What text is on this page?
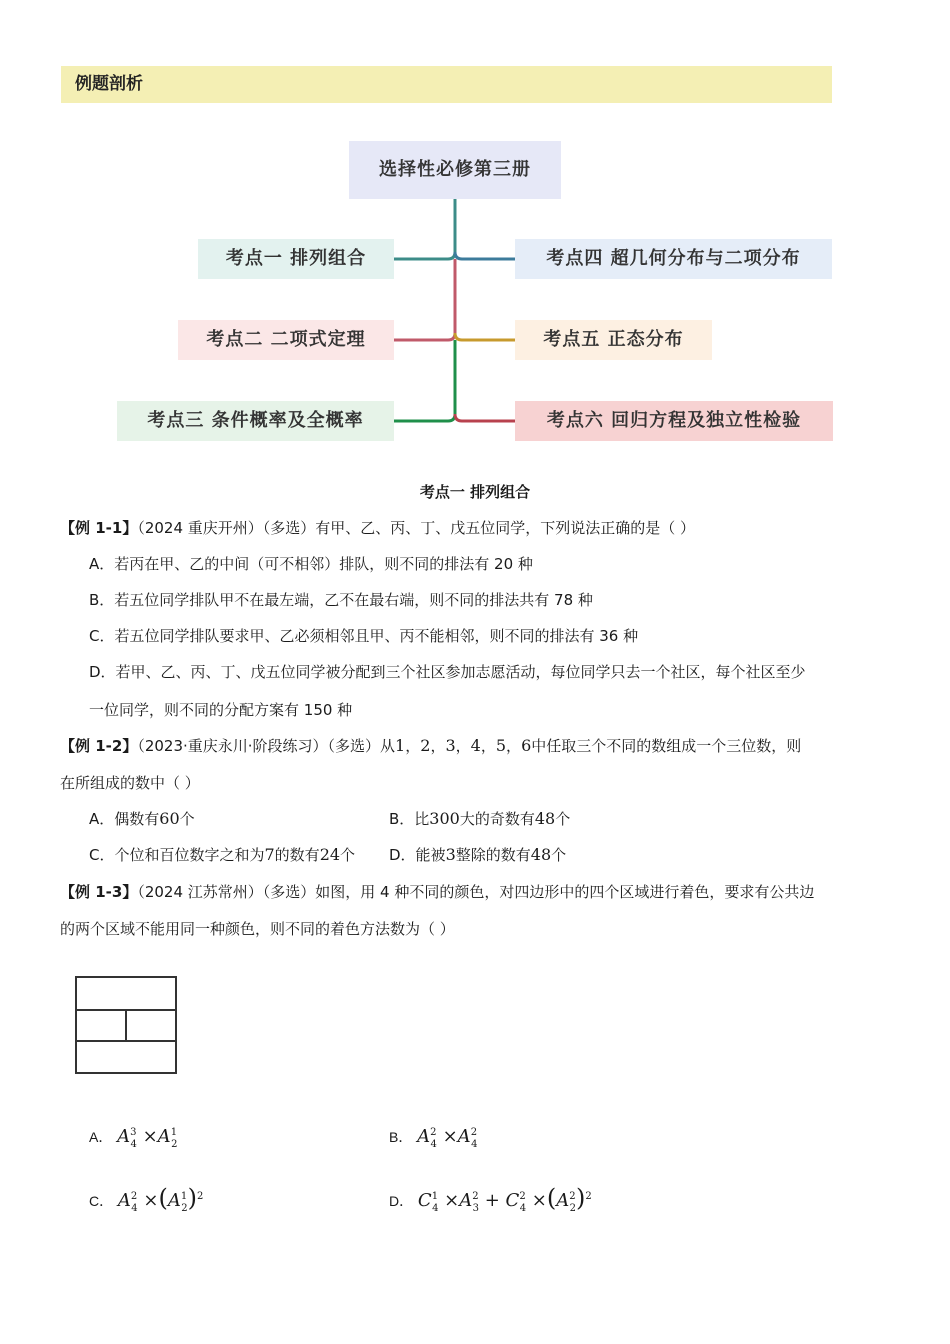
例题剖析
选择性必修第三册
考点一 排列组合
考点二 二项式定理
考点三 条件概率及全概率
考点四 超几何分布与二项分布
考点五 正态分布
考点六 回归方程及独立性检验
考点一 排列组合
【例 1-1】（2024 重庆开州）（多选）有甲、乙、丙、丁、戊五位同学，下列说法正确的是（ ）
A．若丙在甲、乙的中间（可不相邻）排队，则不同的排法有 20 种
B．若五位同学排队甲不在最左端，乙不在最右端，则不同的排法共有 78 种
C．若五位同学排队要求甲、乙必须相邻且甲、丙不能相邻，则不同的排法有 36 种
D．若甲、乙、丙、丁、戊五位同学被分配到三个社区参加志愿活动，每位同学只去一个社区，每个社区至少
一位同学，则不同的分配方案有 150 种
【例 1-2】（2023·重庆永川·阶段练习）（多选）从1，2，3，4，5，6中任取三个不同的数组成一个三位数，则
在所组成的数中（ ）
A．偶数有60个	B．比300大的奇数有48个
C．个位和百位数字之和为7的数有24个 D．能被3整除的数有48个
【例 1-3】（2024 江苏常州）（多选）如图，用 4 种不同的颜色，对四边形中的四个区域进行着色，要求有公共边
的两个区域不能用同一种颜色，则不同的着色方法数为（ ）
A． $A^3_4 \times A^1_2$	B． $A^2_4 \times A^2_4$
C． $A^2_4 \times(A^1_2)^2$	D． $C^1_4 \times A^2_3 + C^2_4 \times(A^2_2)^2$
